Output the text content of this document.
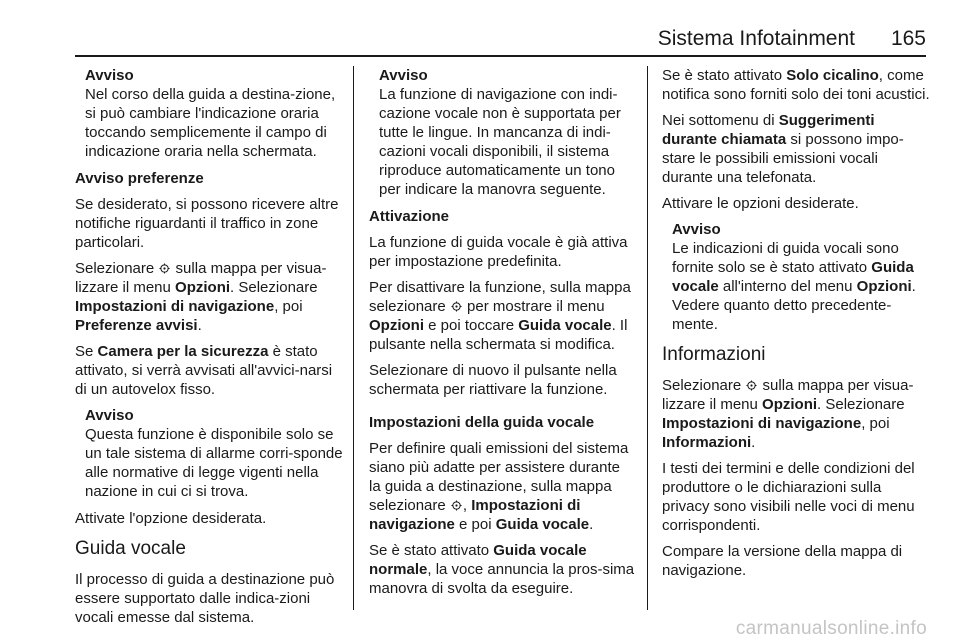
Sistema Infotainment	165

Avviso

Nel corso della guida a destina-zione, si può cambiare l'indicazione oraria toccando semplicemente il campo di indicazione oraria nella schermata.

Avviso preferenze

Se desiderato, si possono ricevere altre notifiche riguardanti il traffico in zone particolari.

Selezionare  sulla mappa per visua-lizzare il menu Opzioni. Selezionare Impostazioni di navigazione, poi Preferenze avvisi.

Se Camera per la sicurezza è stato attivato, si verrà avvisati all'avvici-narsi di un autovelox fisso.

Avviso

Questa funzione è disponibile solo se un tale sistema di allarme corri-sponde alle normative di legge vigenti nella nazione in cui ci si trova.

Attivate l'opzione desiderata.

Guida vocale

Il processo di guida a destinazione può essere supportato dalle indica-zioni vocali emesse dal sistema.

Avviso

La funzione di navigazione con indi-cazione vocale non è supportata per tutte le lingue. In mancanza di indi-cazioni vocali disponibili, il sistema riproduce automaticamente un tono per indicare la manovra seguente.

Attivazione

La funzione di guida vocale è già attiva per impostazione predefinita.

Per disattivare la funzione, sulla mappa selezionare  per mostrare il menu Opzioni e poi toccare Guida vocale. Il pulsante nella schermata si modifica.

Selezionare di nuovo il pulsante nella schermata per riattivare la funzione.

Impostazioni della guida vocale

Per definire quali emissioni del sistema siano più adatte per assistere durante la guida a destinazione, sulla mappa selezionare , Impostazioni di navigazione e poi Guida vocale.

Se è stato attivato Guida vocale normale, la voce annuncia la pros-sima manovra di svolta da eseguire.

Se è stato attivato Solo cicalino, come notifica sono forniti solo dei toni acustici.

Nei sottomenu di Suggerimenti durante chiamata si possono impo-stare le possibili emissioni vocali durante una telefonata.

Attivare le opzioni desiderate.

Avviso

Le indicazioni di guida vocali sono fornite solo se è stato attivato Guida vocale all'interno del menu Opzioni. Vedere quanto detto precedente-mente.

Informazioni

Selezionare  sulla mappa per visua-lizzare il menu Opzioni. Selezionare Impostazioni di navigazione, poi Informazioni.

I testi dei termini e delle condizioni del produttore o le dichiarazioni sulla privacy sono visibili nelle voci di menu corrispondenti.

Compare la versione della mappa di navigazione.

carmanualsonline.info
